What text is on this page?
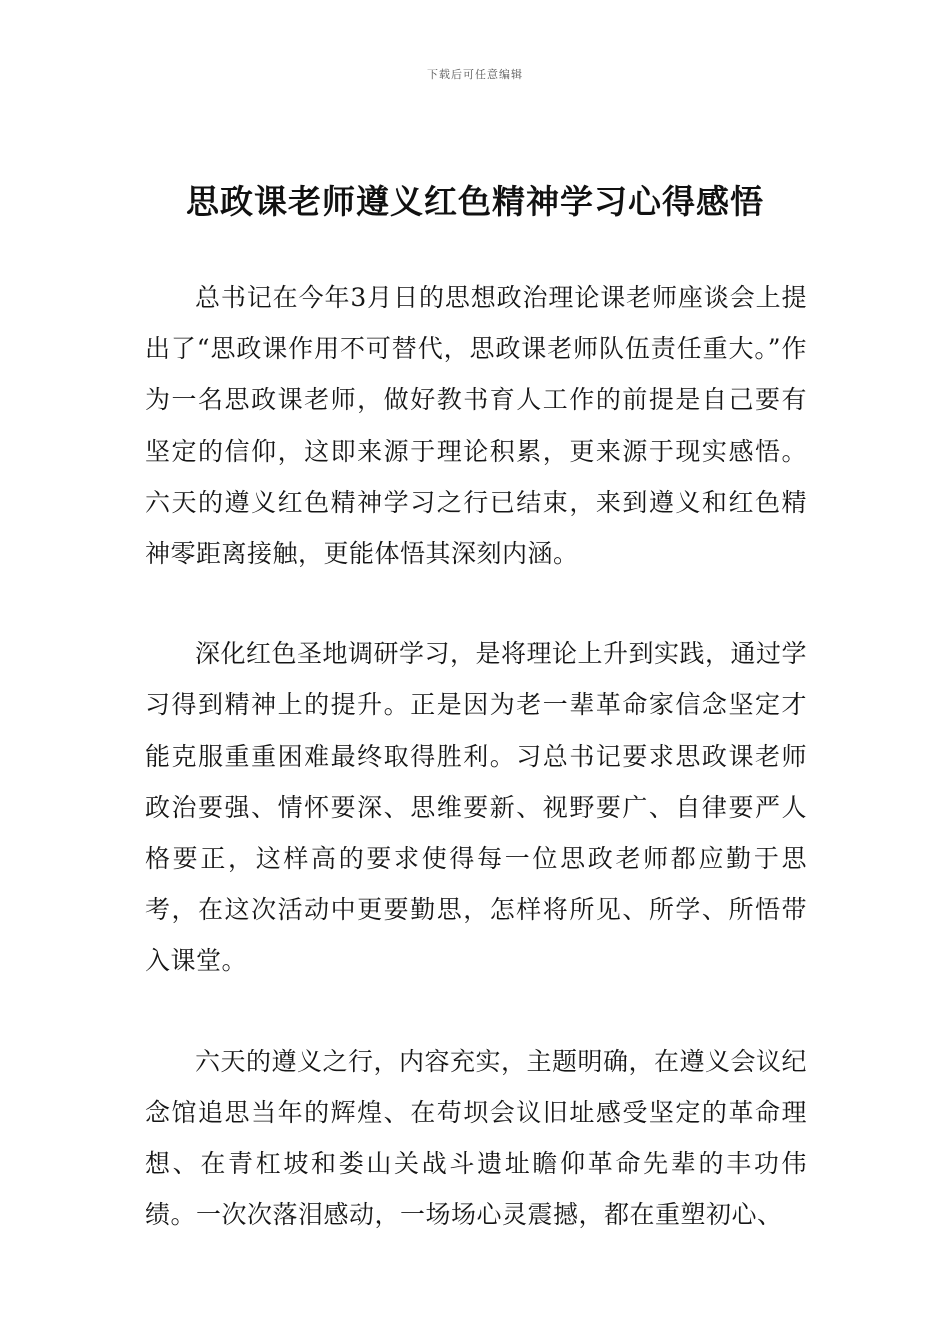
下载后可任意编辑
思政课老师遵义红色精神学习心得感悟

总书记在今年3月日的思想政治理论课老师座谈会上提出了“思政课作用不可替代，思政课老师队伍责任重大。”作为一名思政课老师，做好教书育人工作的前提是自己要有坚定的信仰，这即来源于理论积累，更来源于现实感悟。六天的遵义红色精神学习之行已结束，来到遵义和红色精神零距离接触，更能体悟其深刻内涵。

深化红色圣地调研学习，是将理论上升到实践，通过学习得到精神上的提升。正是因为老一辈革命家信念坚定才能克服重重困难最终取得胜利。习总书记要求思政课老师政治要强、情怀要深、思维要新、视野要广、自律要严人格要正，这样高的要求使得每一位思政老师都应勤于思考，在这次活动中更要勤思，怎样将所见、所学、所悟带入课堂。

六天的遵义之行，内容充实，主题明确，在遵义会议纪念馆追思当年的辉煌、在苟坝会议旧址感受坚定的革命理想、在青杠坡和娄山关战斗遗址瞻仰革命先辈的丰功伟绩。一次次落泪感动，一场场心灵震撼，都在重塑初心、
